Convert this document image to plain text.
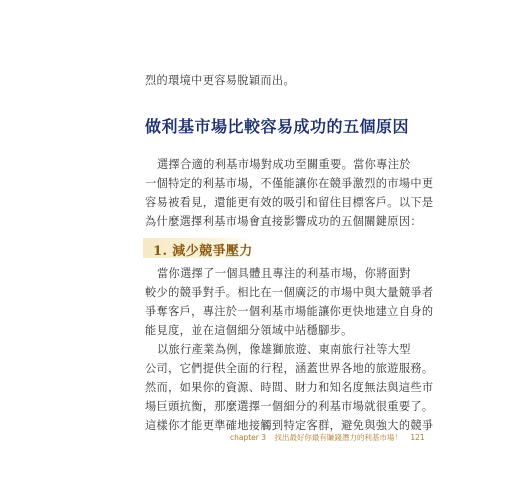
烈的環境中更容易脫穎而出。
做利基市場比較容易成功的五個原因
選擇合適的利基市場對成功至關重要。當你專注於
一個特定的利基市場，不僅能讓你在競爭激烈的市場中更
容易被看見，還能更有效的吸引和留住目標客戶。以下是
為什麼選擇利基市場會直接影響成功的五個關鍵原因：
1. 減少競爭壓力
當你選擇了一個具體且專注的利基市場，你將面對
較少的競爭對手。相比在一個廣泛的市場中與大量競爭者
爭奪客戶，專注於一個利基市場能讓你更快地建立自身的
能見度，並在這個細分領域中站穩腳步。
以旅行產業為例，像雄獅旅遊、東南旅行社等大型
公司，它們提供全面的行程，涵蓋世界各地的旅遊服務。
然而，如果你的資源、時間、財力和知名度無法與這些市
場巨頭抗衡，那麼選擇一個細分的利基市場就很重要了。
這樣你才能更準確地接觸到特定客群，避免與強大的競爭
chapter 3 找出最好你最有賺錢潛力的利基市場！ 121
